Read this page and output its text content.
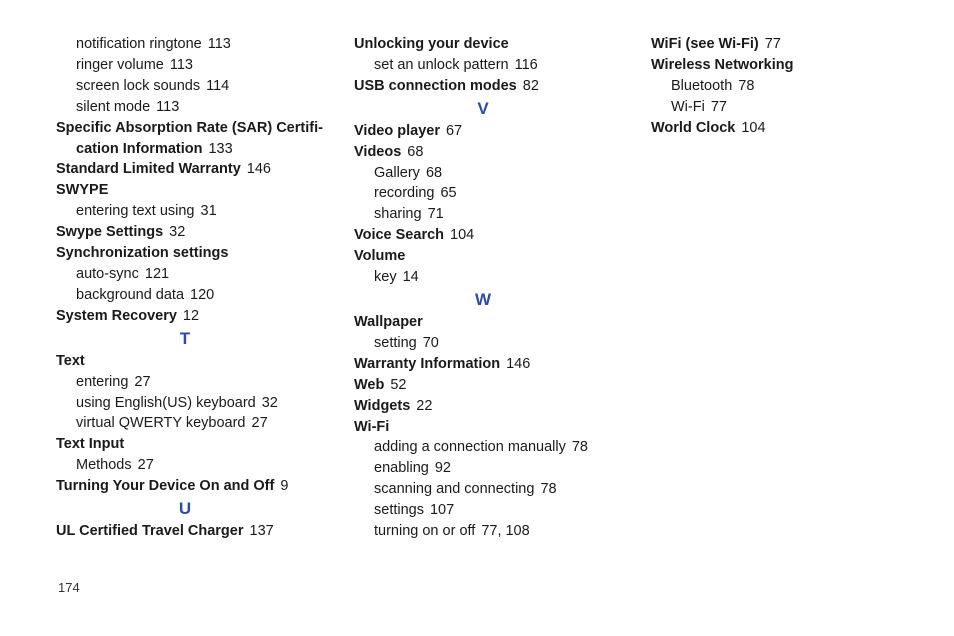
notification ringtone 113
ringer volume 113
screen lock sounds 114
silent mode 113
Specific Absorption Rate (SAR) Certifi-
cation Information 133
Standard Limited Warranty 146
SWYPE
entering text using 31
Swype Settings 32
Synchronization settings
auto-sync 121
background data 120
System Recovery 12
T
Text
entering 27
using English(US) keyboard 32
virtual QWERTY keyboard 27
Text Input
Methods 27
Turning Your Device On and Off 9
U
UL Certified Travel Charger 137
Unlocking your device
set an unlock pattern 116
USB connection modes 82
V
Video player 67
Videos 68
Gallery 68
recording 65
sharing 71
Voice Search 104
Volume
key 14
W
Wallpaper
setting 70
Warranty Information 146
Web 52
Widgets 22
Wi-Fi
adding a connection manually 78
enabling 92
scanning and connecting 78
settings 107
turning on or off 77, 108
WiFi (see Wi-Fi) 77
Wireless Networking
Bluetooth 78
Wi-Fi 77
World Clock 104
174
